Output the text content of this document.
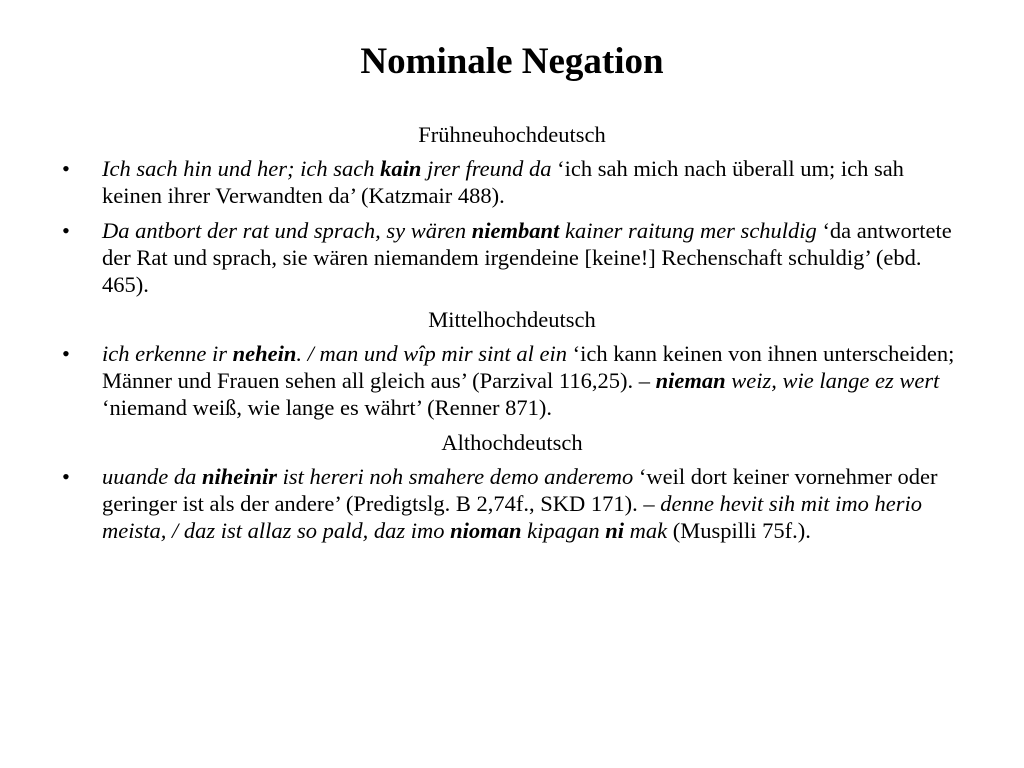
Nominale Negation
Frühneuhochdeutsch
• Ich sach hin und her; ich sach kain jrer freund da ‘ich sah mich nach überall um; ich sah keinen ihrer Verwandten da’ (Katzmair 488).
• Da antbort der rat und sprach, sy wären niembant kainer raitung mer schuldig ‘da antwortete der Rat und sprach, sie wären niemandem irgendeine [keine!] Rechenschaft schuldig’ (ebd. 465).
Mittelhochdeutsch
• ich erkenne ir nehein. / man und wîp mir sint al ein ‘ich kann keinen von ihnen unterscheiden; Männer und Frauen sehen all gleich aus’ (Parzival 116,25). – nieman weiz, wie lange ez wert ‘niemand weiß, wie lange es währt’ (Renner 871).
Althochdeutsch
• uuande da niheinir ist hereri noh smahere demo anderemo ‘weil dort keiner vornehmer oder geringer ist als der andere’ (Predigtslg. B 2,74f., SKD 171). – denne hevit sih mit imo herio meista, / daz ist allaz so pald, daz imo nioman kipagan ni mak (Muspilli 75f.).
